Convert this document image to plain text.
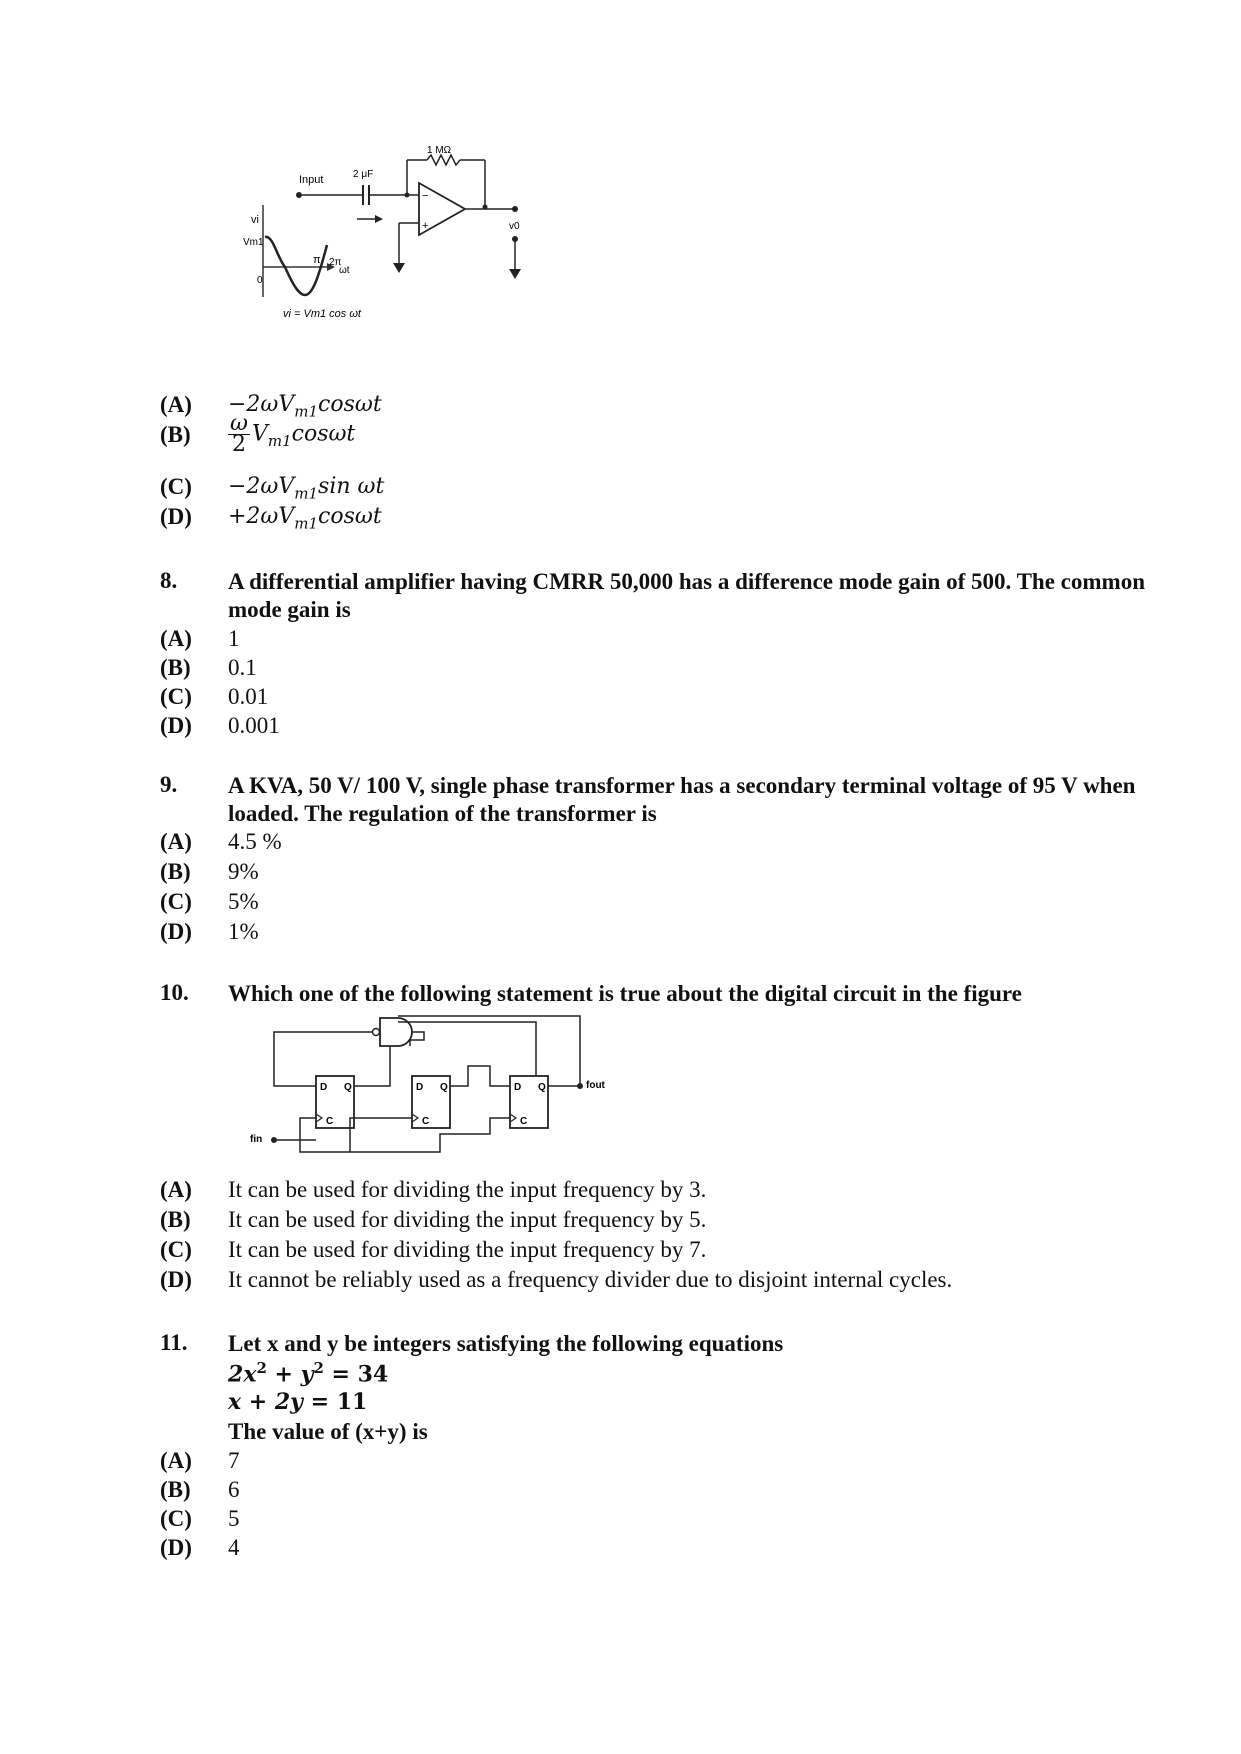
vi
Vm1
0
π 2π
ωt
vi = Vm1 cos ωt
Input	2 μF
1 MΩ
−
+	v0
$(A) -2\omega V_{m1}\cos\omega t$
$(B) \frac{\omega}{2} V_{m1}\cos\omega t$
$(C) -2\omega V_{m1}\sin$ ωt
$(D) +2\omega V_{m1}\cos\omega t$
8. A differential amplifier having CMRR 50,000 has a difference mode gain of 500. The common mode gain is
(A) 1
(B) 0.1
(C) 0.01
(D) 0.001
9. A KVA, 50 V/ 100 V, single phase transformer has a secondary terminal voltage of 95 V when loaded. The regulation of the transformer is
(A) 4.5 %
(B) 9%
(C) 5%
(D) 1%
10. Which one of the following statement is true about the digital circuit in the figure
D Q
C
D Q
C
D Q
C
fout
fin
(A) It can be used for dividing the input frequency by 3.
(B) It can be used for dividing the input frequency by 5.
(C) It can be used for dividing the input frequency by 7.
(D) It cannot be reliably used as a frequency divider due to disjoint internal cycles.
11. Let x and y be integers satisfying the following equations
$2x^2 + y^2 = 34$
x + 2y = 11
The value of (x+y) is
(A) 7
(B) 6
(C) 5
(D) 4
